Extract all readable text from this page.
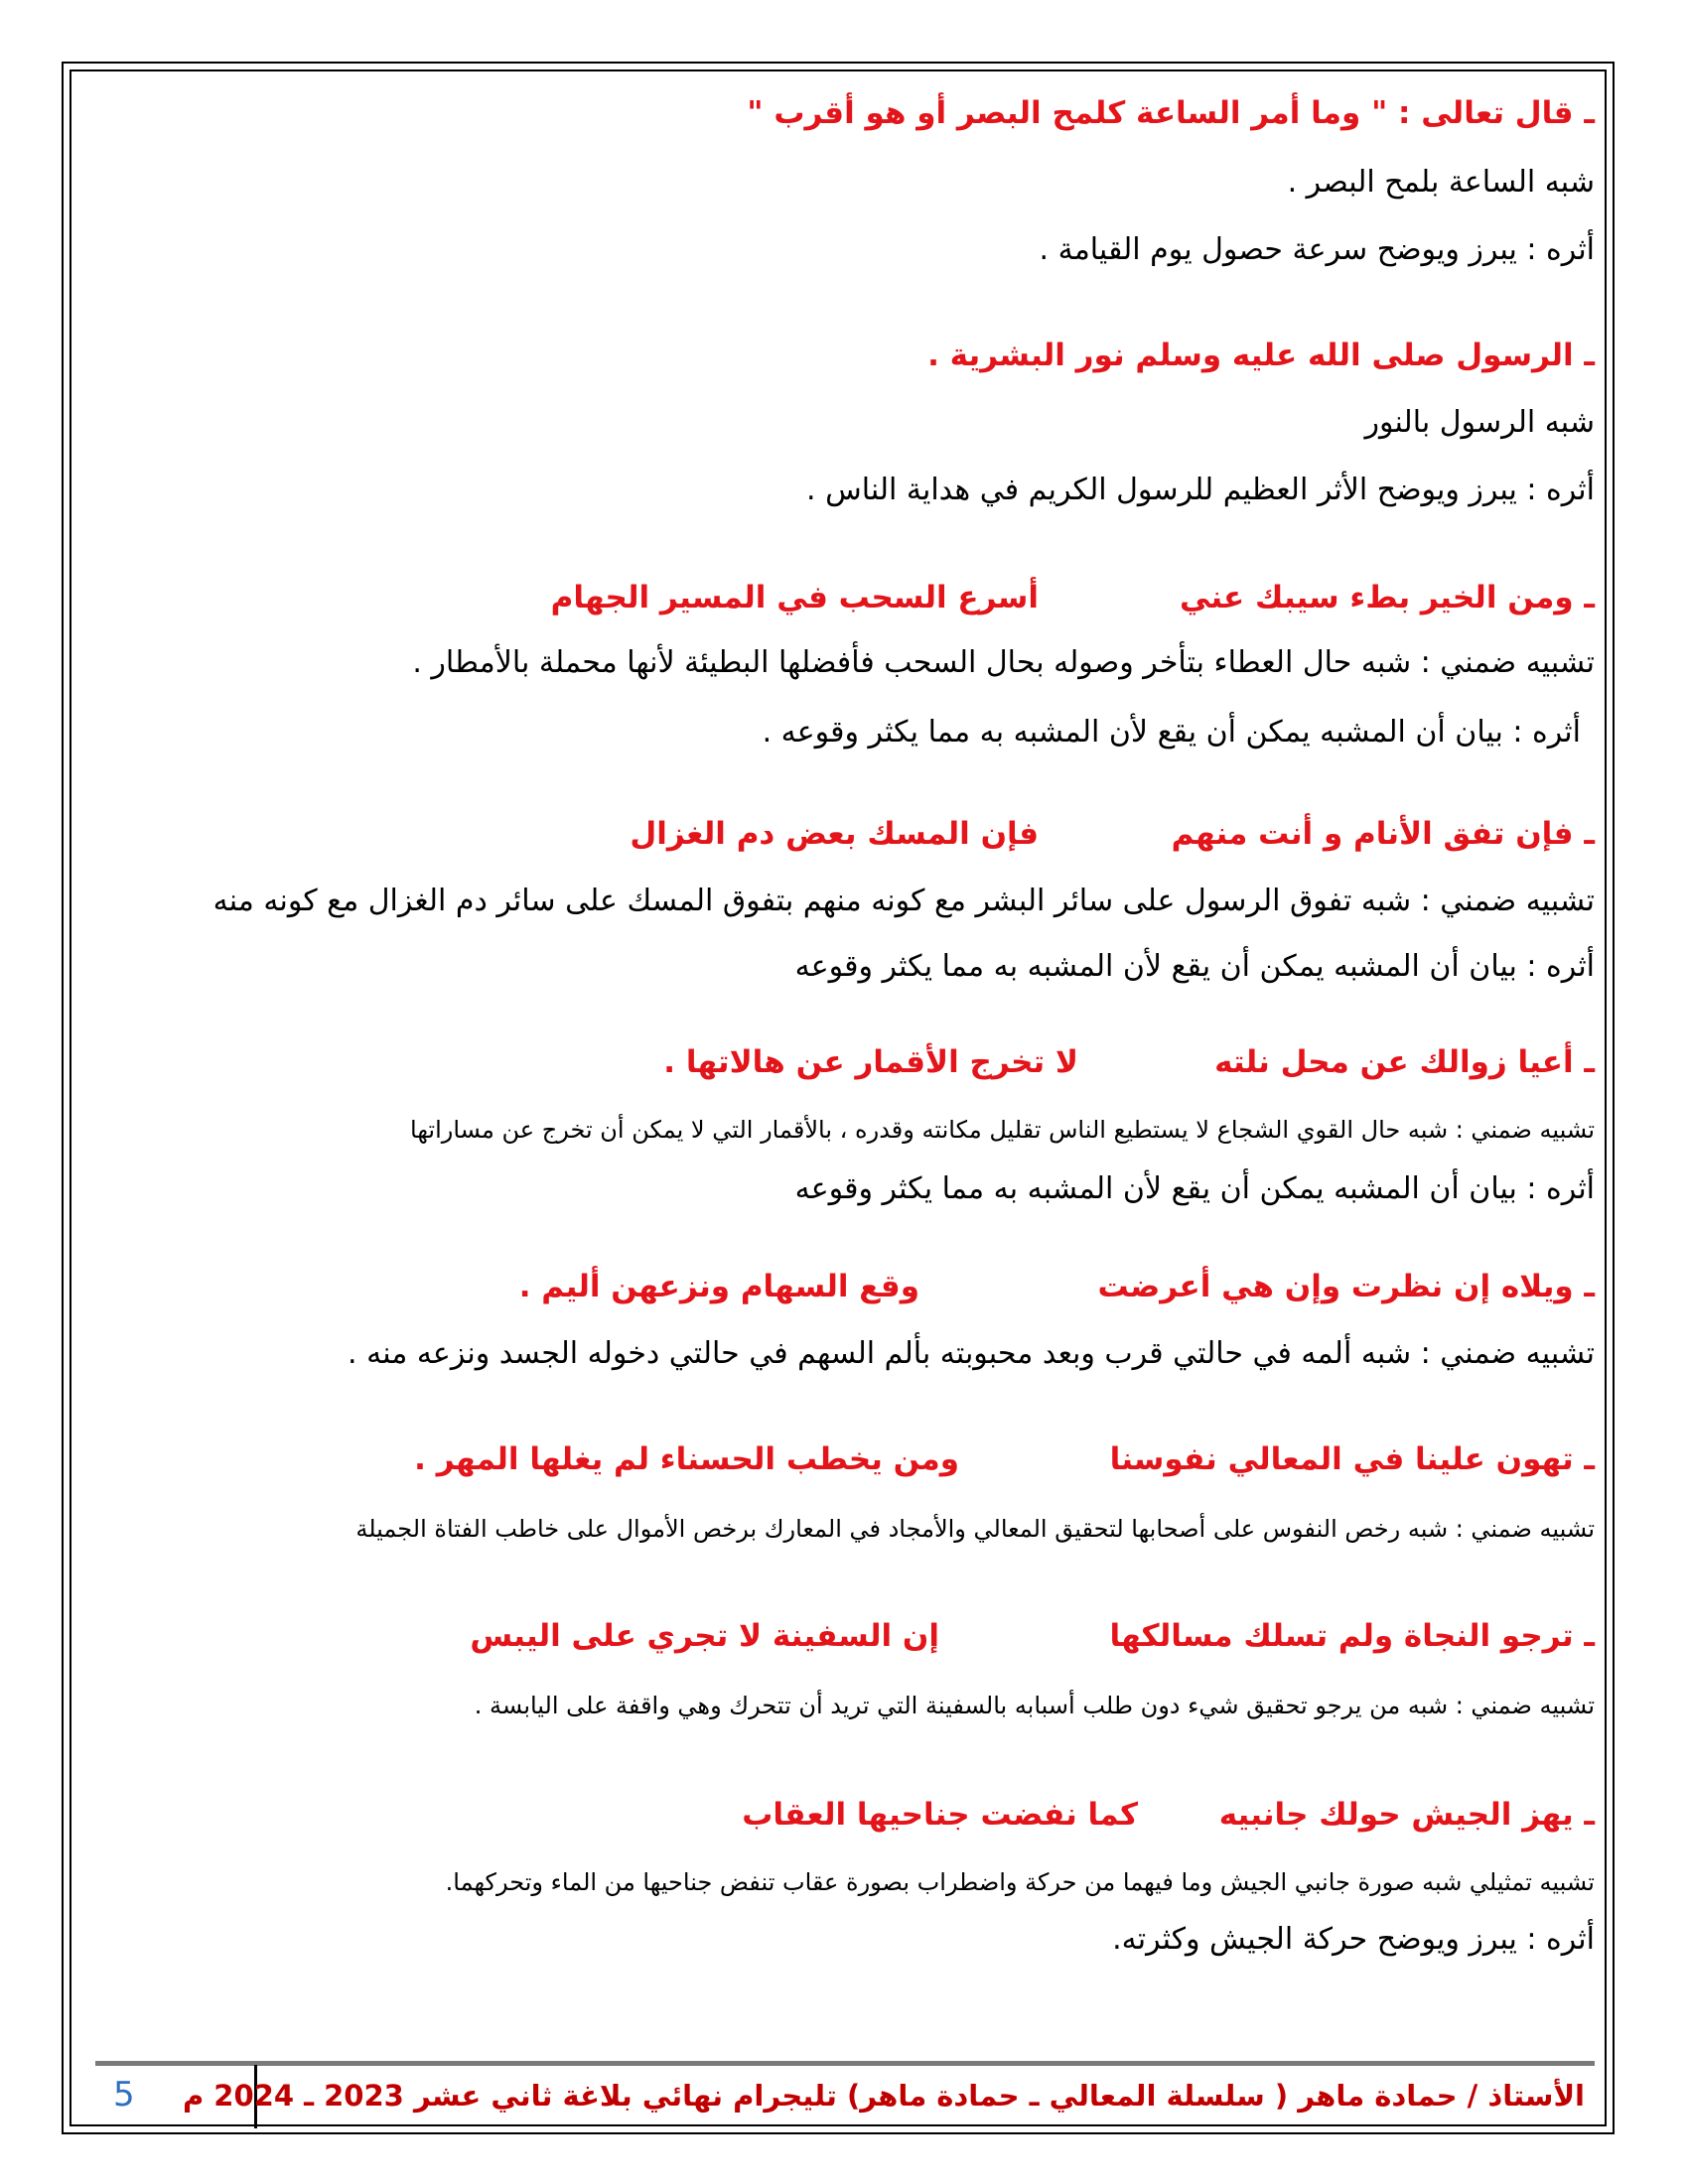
ـ قال تعالى : " وما أمر الساعة كلمح البصر أو هو أقرب "
شبه الساعة بلمح البصر .
أثره : يبرز ويوضح سرعة حصول يوم القيامة .
ـ الرسول صلى الله عليه وسلم نور البشرية .
شبه الرسول بالنور
أثره : يبرز ويوضح الأثر العظيم للرسول الكريم في هداية الناس .
ـ ومن الخير بطء سيبك عني
أسرع السحب في المسير الجهام
تشبيه ضمني : شبه حال العطاء بتأخر وصوله بحال السحب فأفضلها البطيئة لأنها محملة بالأمطار .
أثره : بيان أن المشبه يمكن أن يقع لأن المشبه به مما يكثر وقوعه .
ـ فإن تفق الأنام و أنت منهم
فإن المسك بعض دم الغزال
تشبيه ضمني : شبه تفوق الرسول على سائر البشر مع كونه منهم بتفوق المسك على سائر دم الغزال مع كونه منه
أثره : بيان أن المشبه يمكن أن يقع لأن المشبه به مما يكثر وقوعه
ـ أعيا زوالك عن محل نلته
لا تخرج الأقمار عن هالاتها .
تشبيه ضمني : شبه حال القوي الشجاع لا يستطيع الناس تقليل مكانته وقدره ، بالأقمار التي لا يمكن أن تخرج عن مساراتها
أثره : بيان أن المشبه يمكن أن يقع لأن المشبه به مما يكثر وقوعه
ـ ويلاه إن نظرت وإن هي أعرضت
وقع السهام ونزعهن أليم .
تشبيه ضمني : شبه ألمه في حالتي قرب وبعد محبوبته بألم السهم في حالتي دخوله الجسد ونزعه منه .
ـ تهون علينا في المعالي نفوسنا
ومن يخطب الحسناء لم يغلها المهر .
تشبيه ضمني : شبه رخص النفوس على أصحابها لتحقيق المعالي والأمجاد في المعارك برخص الأموال على خاطب الفتاة الجميلة
ـ ترجو النجاة ولم تسلك مسالكها
إن السفينة لا تجري على اليبس
تشبيه ضمني : شبه من يرجو تحقيق شيء دون طلب أسبابه بالسفينة التي تريد أن تتحرك وهي واقفة على اليابسة .
ـ يهز الجيش حولك جانبيه
كما نفضت جناحيها العقاب
تشبيه تمثيلي شبه صورة جانبي الجيش وما فيهما من حركة واضطراب بصورة عقاب تنفض جناحيها من الماء وتحركهما.
أثره : يبرز ويوضح حركة الجيش وكثرته.
الأستاذ / حمادة ماهر ( سلسلة المعالي ـ حمادة ماهر) تليجرام نهائي بلاغة ثاني عشر 2023 ـ 2024 م
5
